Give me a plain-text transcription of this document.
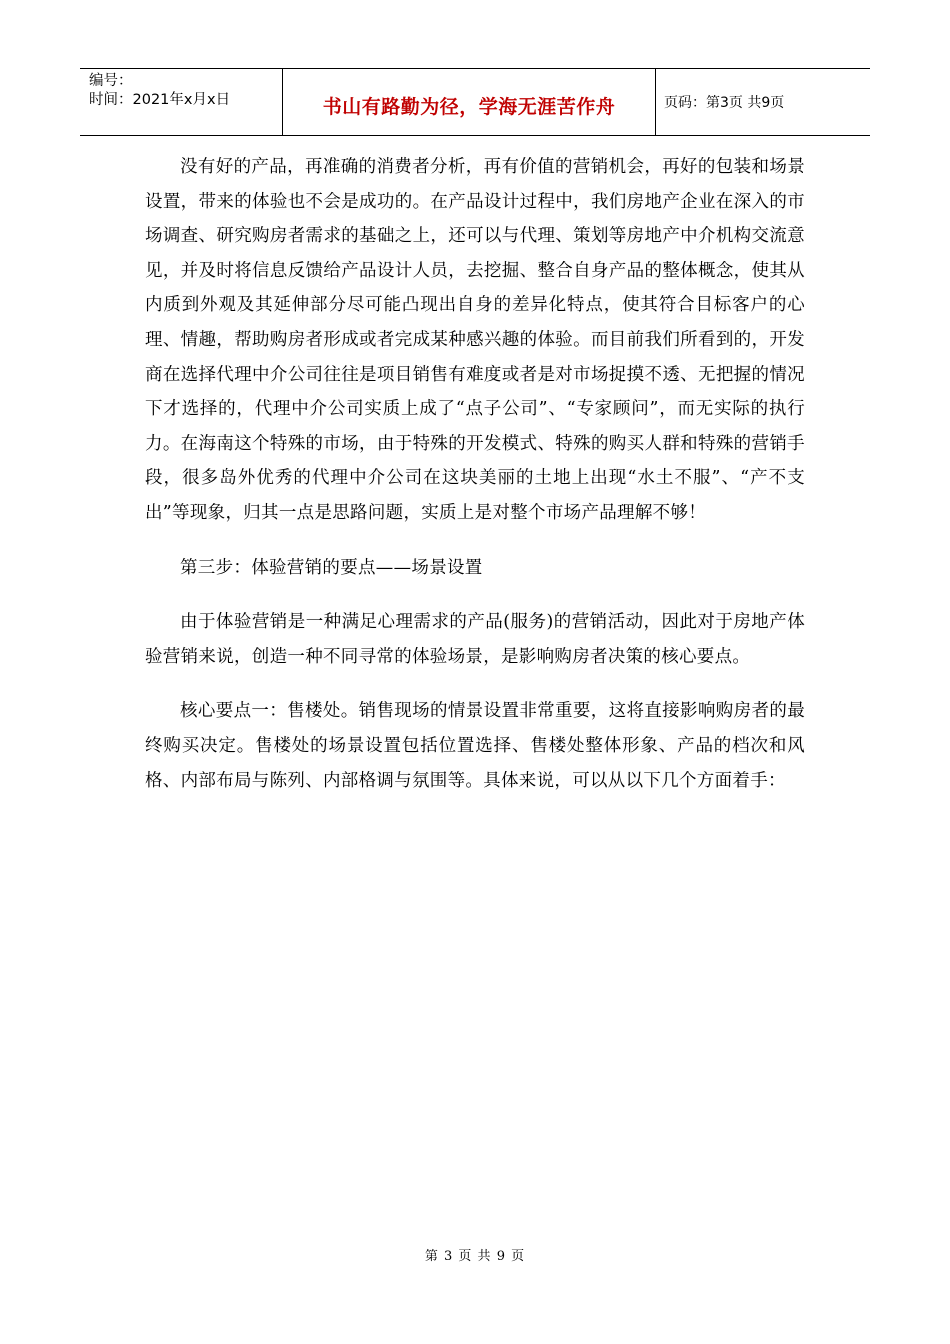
编号：
时间：2021年x月x日	书山有路勤为径，学海无涯苦作舟	页码：第3页 共9页

没有好的产品，再准确的消费者分析，再有价值的营销机会，再好的包装和场景设置，带来的体验也不会是成功的。在产品设计过程中，我们房地产企业在深入的市场调查、研究购房者需求的基础之上，还可以与代理、策划等房地产中介机构交流意见，并及时将信息反馈给产品设计人员，去挖掘、整合自身产品的整体概念，使其从内质到外观及其延伸部分尽可能凸现出自身的差异化特点，使其符合目标客户的心理、情趣，帮助购房者形成或者完成某种感兴趣的体验。而目前我们所看到的，开发商在选择代理中介公司往往是项目销售有难度或者是对市场捉摸不透、无把握的情况下才选择的，代理中介公司实质上成了“点子公司”、“专家顾问”，而无实际的执行力。在海南这个特殊的市场，由于特殊的开发模式、特殊的购买人群和特殊的营销手段，很多岛外优秀的代理中介公司在这块美丽的土地上出现“水土不服”、“产不支出”等现象，归其一点是思路问题，实质上是对整个市场产品理解不够！

第三步：体验营销的要点——场景设置

由于体验营销是一种满足心理需求的产品(服务)的营销活动，因此对于房地产体验营销来说，创造一种不同寻常的体验场景，是影响购房者决策的核心要点。

核心要点一：售楼处。销售现场的情景设置非常重要，这将直接影响购房者的最终购买决定。售楼处的场景设置包括位置选择、售楼处整体形象、产品的档次和风格、内部布局与陈列、内部格调与氛围等。具体来说，可以从以下几个方面着手：

第 3 页 共 9 页
